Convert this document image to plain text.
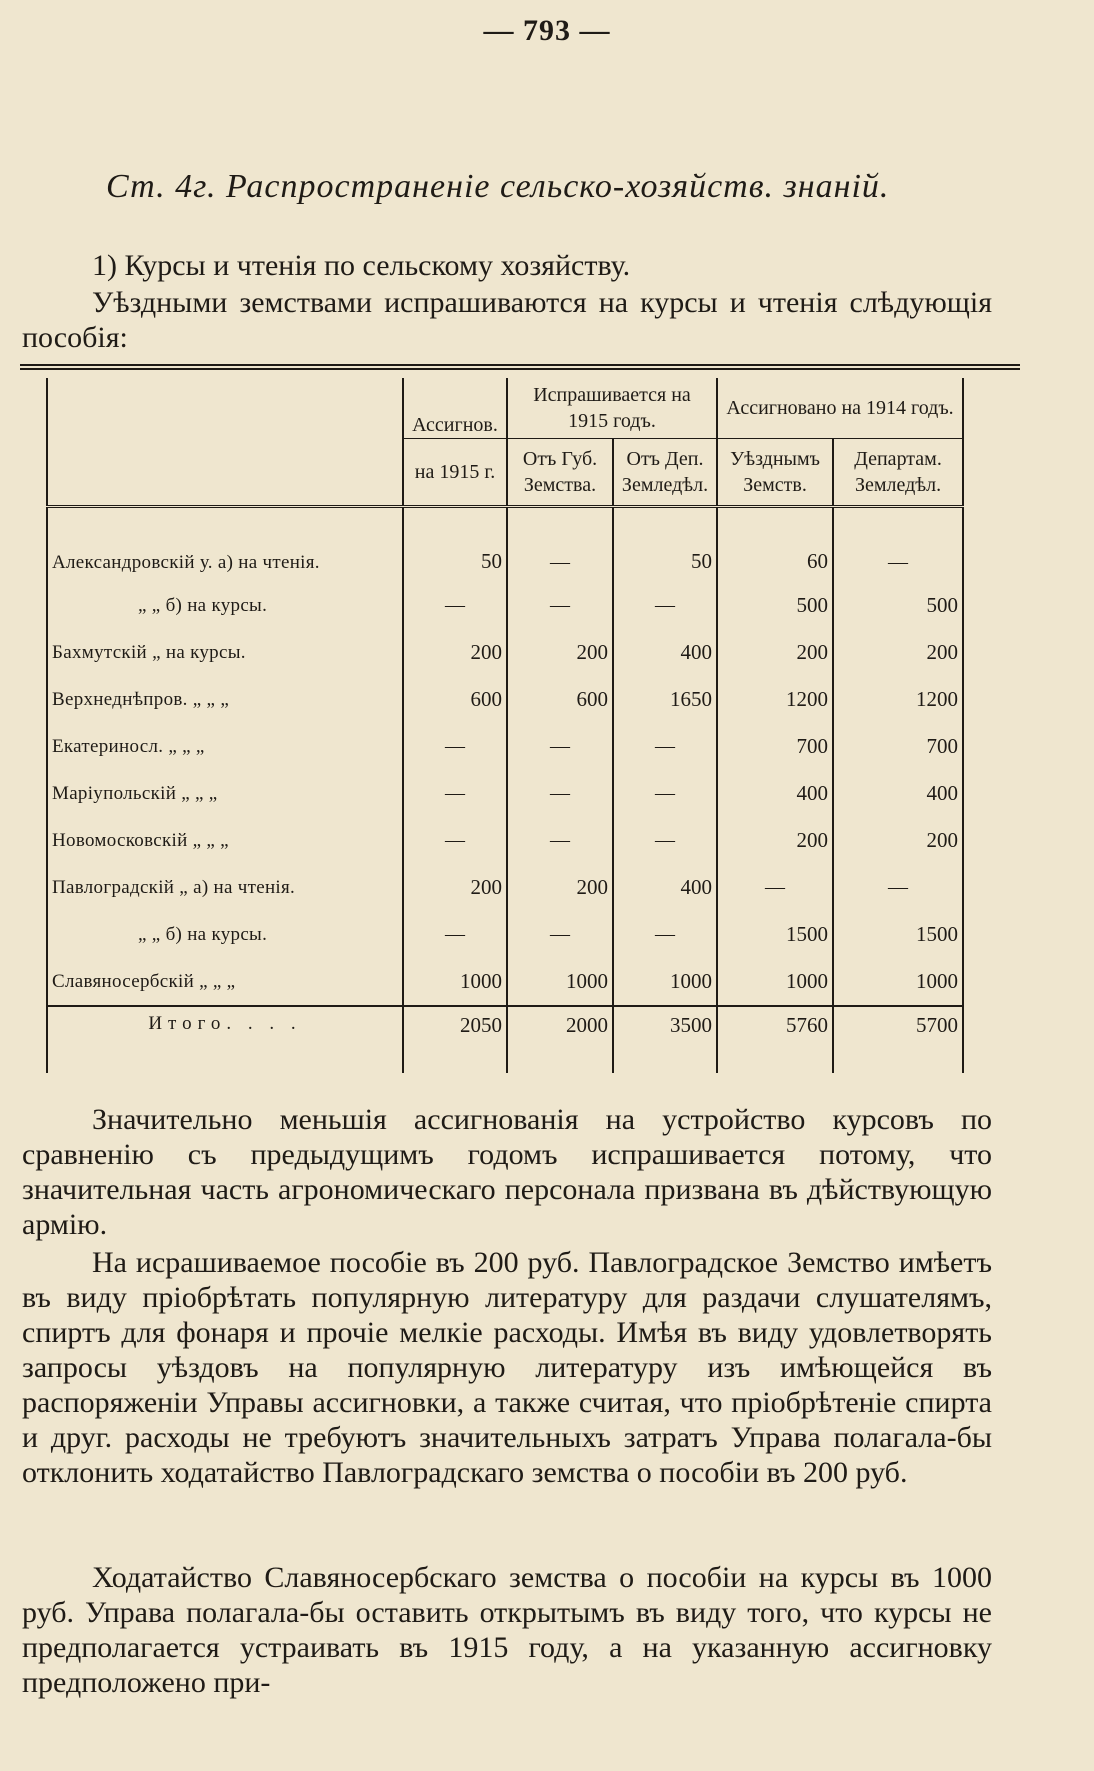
— 793 —
Ст. 4г. Распространеніе сельско-хозяйств. знаній.
1) Курсы и чтенія по сельскому хозяйству.
Уѣздными земствами испрашиваются на курсы и чтенія слѣдующія пособія:
	Ассигнов.	Испрашивается на 1915 годъ.		Ассигновано на 1914 годъ.	
	на 1915 г.	Отъ Губ. Земства.	Отъ Деп. Земледѣл.	Уѣзднымъ Земств.	Департам. Земледѣл.
Александровскій у. а) на чтенія.	50	—	50	60	—
„ „ б) на курсы.	—	—	—	500	500
Бахмутскій „ на курсы.	200	200	400	200	200
Верхнеднѣпров. „ „ „	600	600	1650	1200	1200
Екатериносл. „ „ „	—	—	—	700	700
Маріупольскій „ „ „	—	—	—	400	400
Новомосковскій „ „ „	—	—	—	200	200
Павлоградскій „ а) на чтенія.	200	200	400	—	—
„ „ б) на курсы.	—	—	—	1500	1500
Славяносербскій „ „ „	1000	1000	1000	1000	1000
Итого. . . .	2050	2000	3500	5760	5700
Значительно меньшія ассигнованія на устройство курсовъ по сравненію съ предыдущимъ годомъ испрашивается потому, что значительная часть агрономическаго персонала призвана въ дѣйствующую армію.
На исрашиваемое пособіе въ 200 руб. Павлоградское Земство имѣетъ въ виду пріобрѣтать популярную литературу для раздачи слушателямъ, спиртъ для фонаря и прочіе мелкіе расходы. Имѣя въ виду удовлетворять запросы уѣздовъ на популярную литературу изъ имѣющейся въ распоряженіи Управы ассигновки, а также считая, что пріобрѣтеніе спирта и друг. расходы не требуютъ значительныхъ затратъ Управа полагала-бы отклонить ходатайство Павлоградскаго земства о пособіи въ 200 руб.
Ходатайство Славяносербскаго земства о пособіи на курсы въ 1000 руб. Управа полагала-бы оставить открытымъ въ виду того, что курсы не предполагается устраивать въ 1915 году, а на указанную ассигновку предположено при-
